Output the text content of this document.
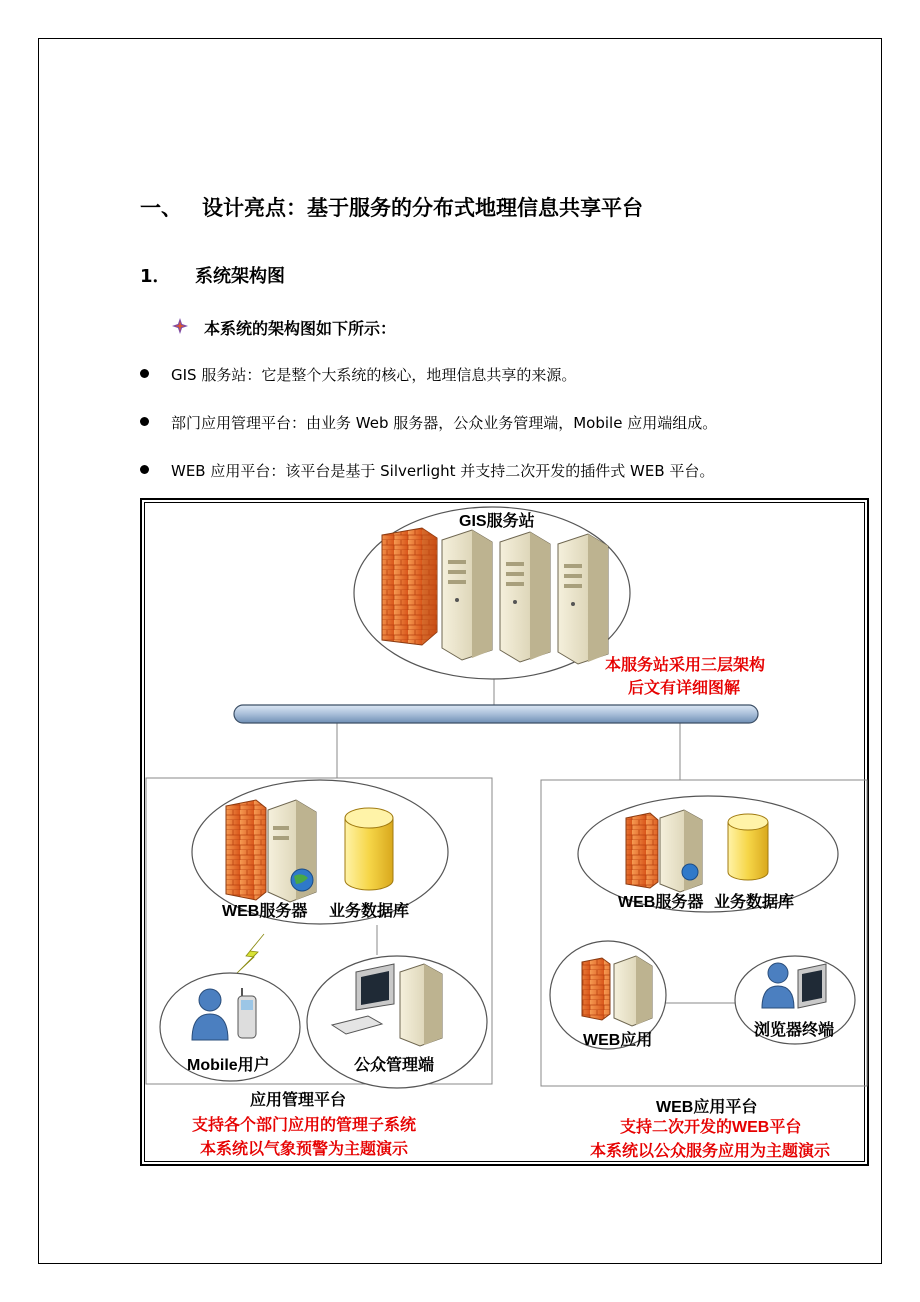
一、 设计亮点：基于服务的分布式地理信息共享平台
1． 系统架构图
本系统的架构图如下所示：
GIS 服务站：它是整个大系统的核心，地理信息共享的来源。
部门应用管理平台：由业务 Web 服务器，公众业务管理端，Mobile 应用端组成。
WEB 应用平台：该平台是基于 Silverlight 并支持二次开发的插件式 WEB 平台。
GIS服务站
本服务站采用三层架构
后文有详细图解
WEB服务器 业务数据库
Mobile用户	公众管理端
应用管理平台
支持各个部门应用的管理子系统
本系统以气象预警为主题演示
WEB服务器 业务数据库
WEB应用
浏览器终端
WEB应用平台
支持二次开发的WEB平台
本系统以公众服务应用为主题演示
